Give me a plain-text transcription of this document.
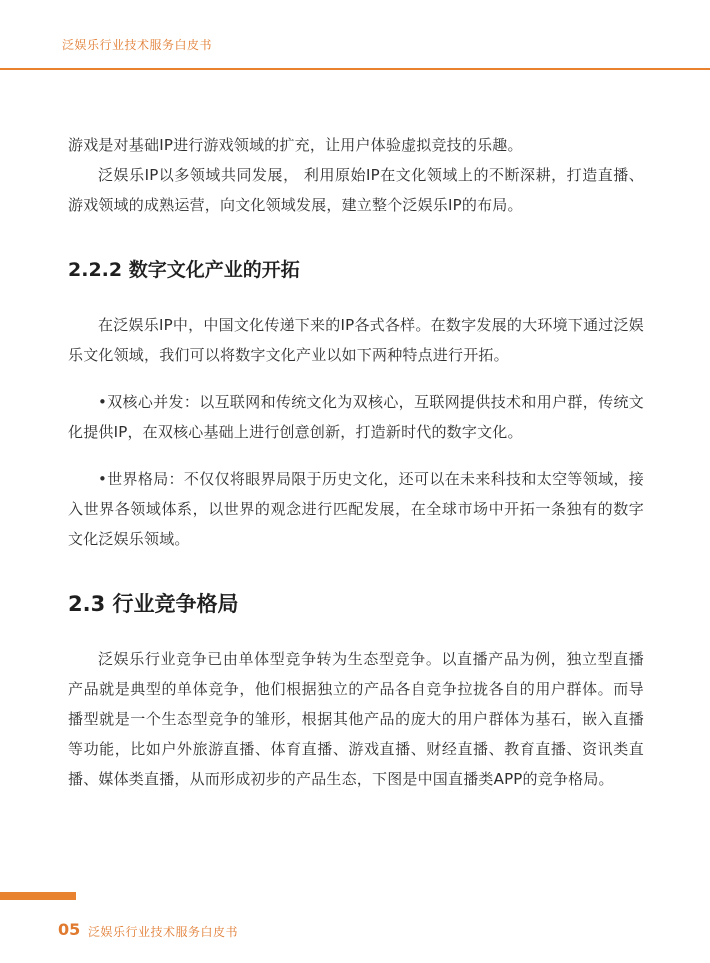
泛娱乐行业技术服务白皮书

游戏是对基础IP进行游戏领域的扩充，让用户体验虚拟竞技的乐趣。

泛娱乐IP以多领域共同发展， 利用原始IP在文化领域上的不断深耕，打造直播、游戏领域的成熟运营，向文化领域发展，建立整个泛娱乐IP的布局。

2.2.2 数字文化产业的开拓

在泛娱乐IP中，中国文化传递下来的IP各式各样。在数字发展的大环境下通过泛娱乐文化领域，我们可以将数字文化产业以如下两种特点进行开拓。

•双核心并发：以互联网和传统文化为双核心，互联网提供技术和用户群，传统文化提供IP，在双核心基础上进行创意创新，打造新时代的数字文化。

•世界格局：不仅仅将眼界局限于历史文化，还可以在未来科技和太空等领域，接入世界各领域体系，以世界的观念进行匹配发展，在全球市场中开拓一条独有的数字文化泛娱乐领域。

2.3 行业竞争格局

泛娱乐行业竞争已由单体型竞争转为生态型竞争。以直播产品为例，独立型直播产品就是典型的单体竞争，他们根据独立的产品各自竞争拉拢各自的用户群体。而导播型就是一个生态型竞争的雏形，根据其他产品的庞大的用户群体为基石，嵌入直播等功能，比如户外旅游直播、体育直播、游戏直播、财经直播、教育直播、资讯类直播、媒体类直播，从而形成初步的产品生态，下图是中国直播类APP的竞争格局。

05 泛娱乐行业技术服务白皮书
